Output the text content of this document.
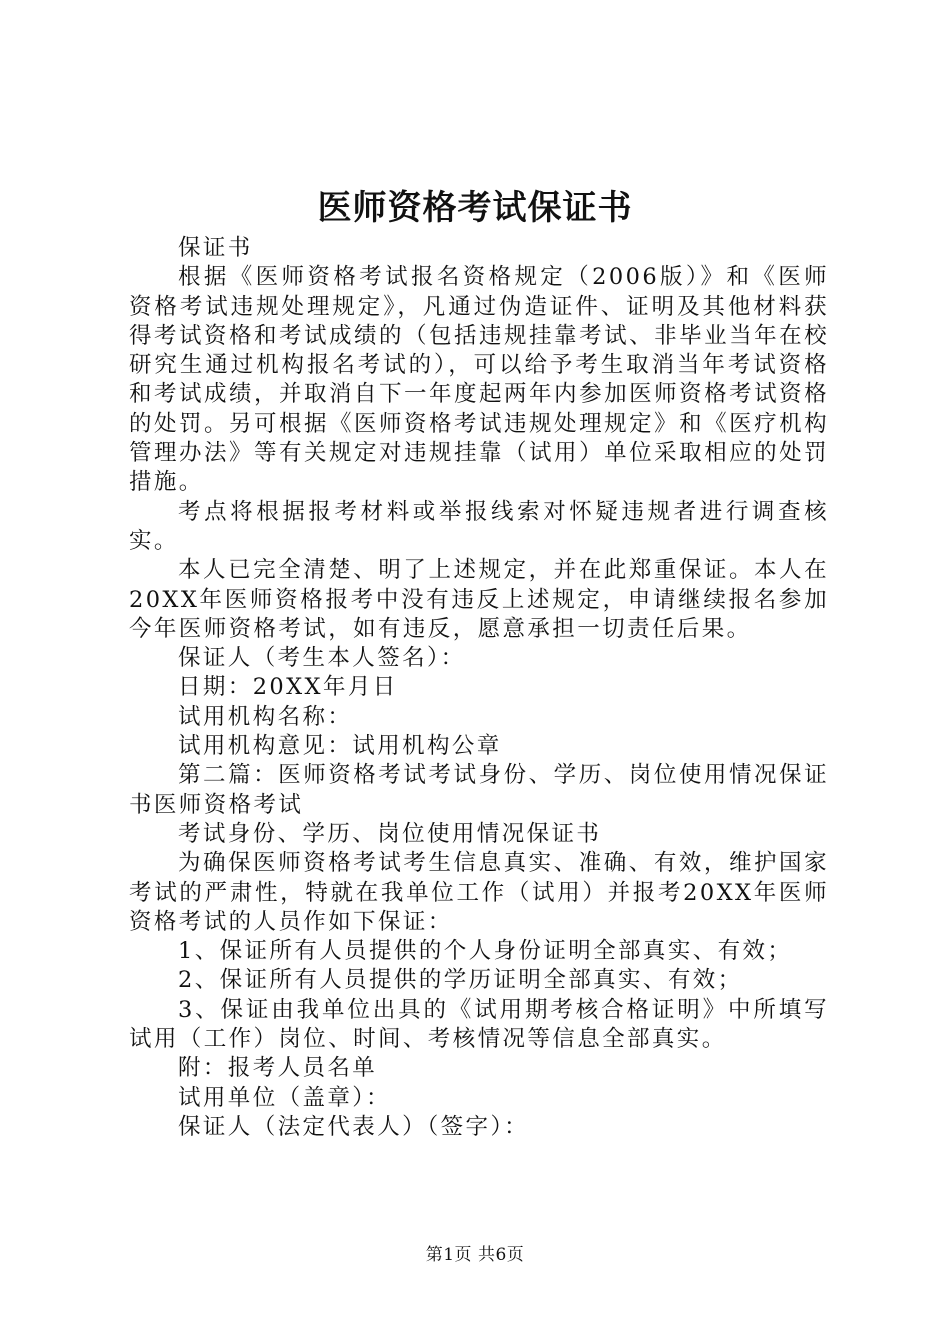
医师资格考试保证书

保证书

根据《医师资格考试报名资格规定（2006版）》和《医师资格考试违规处理规定》，凡通过伪造证件、证明及其他材料获得考试资格和考试成绩的（包括违规挂靠考试、非毕业当年在校研究生通过机构报名考试的），可以给予考生取消当年考试资格和考试成绩，并取消自下一年度起两年内参加医师资格考试资格的处罚。另可根据《医师资格考试违规处理规定》和《医疗机构管理办法》等有关规定对违规挂靠（试用）单位采取相应的处罚措施。

考点将根据报考材料或举报线索对怀疑违规者进行调查核实。

本人已完全清楚、明了上述规定，并在此郑重保证。本人在20XX年医师资格报考中没有违反上述规定，申请继续报名参加今年医师资格考试，如有违反，愿意承担一切责任后果。

保证人（考生本人签名）：

日期：20XX年月日

试用机构名称：

试用机构意见：试用机构公章

第二篇：医师资格考试考试身份、学历、岗位使用情况保证书医师资格考试

考试身份、学历、岗位使用情况保证书

为确保医师资格考试考生信息真实、准确、有效，维护国家考试的严肃性，特就在我单位工作（试用）并报考20XX年医师资格考试的人员作如下保证：

1、保证所有人员提供的个人身份证明全部真实、有效；

2、保证所有人员提供的学历证明全部真实、有效；

3、保证由我单位出具的《试用期考核合格证明》中所填写试用（工作）岗位、时间、考核情况等信息全部真实。

附：报考人员名单

试用单位（盖章）：

保证人（法定代表人）（签字）：

第1页 共6页
